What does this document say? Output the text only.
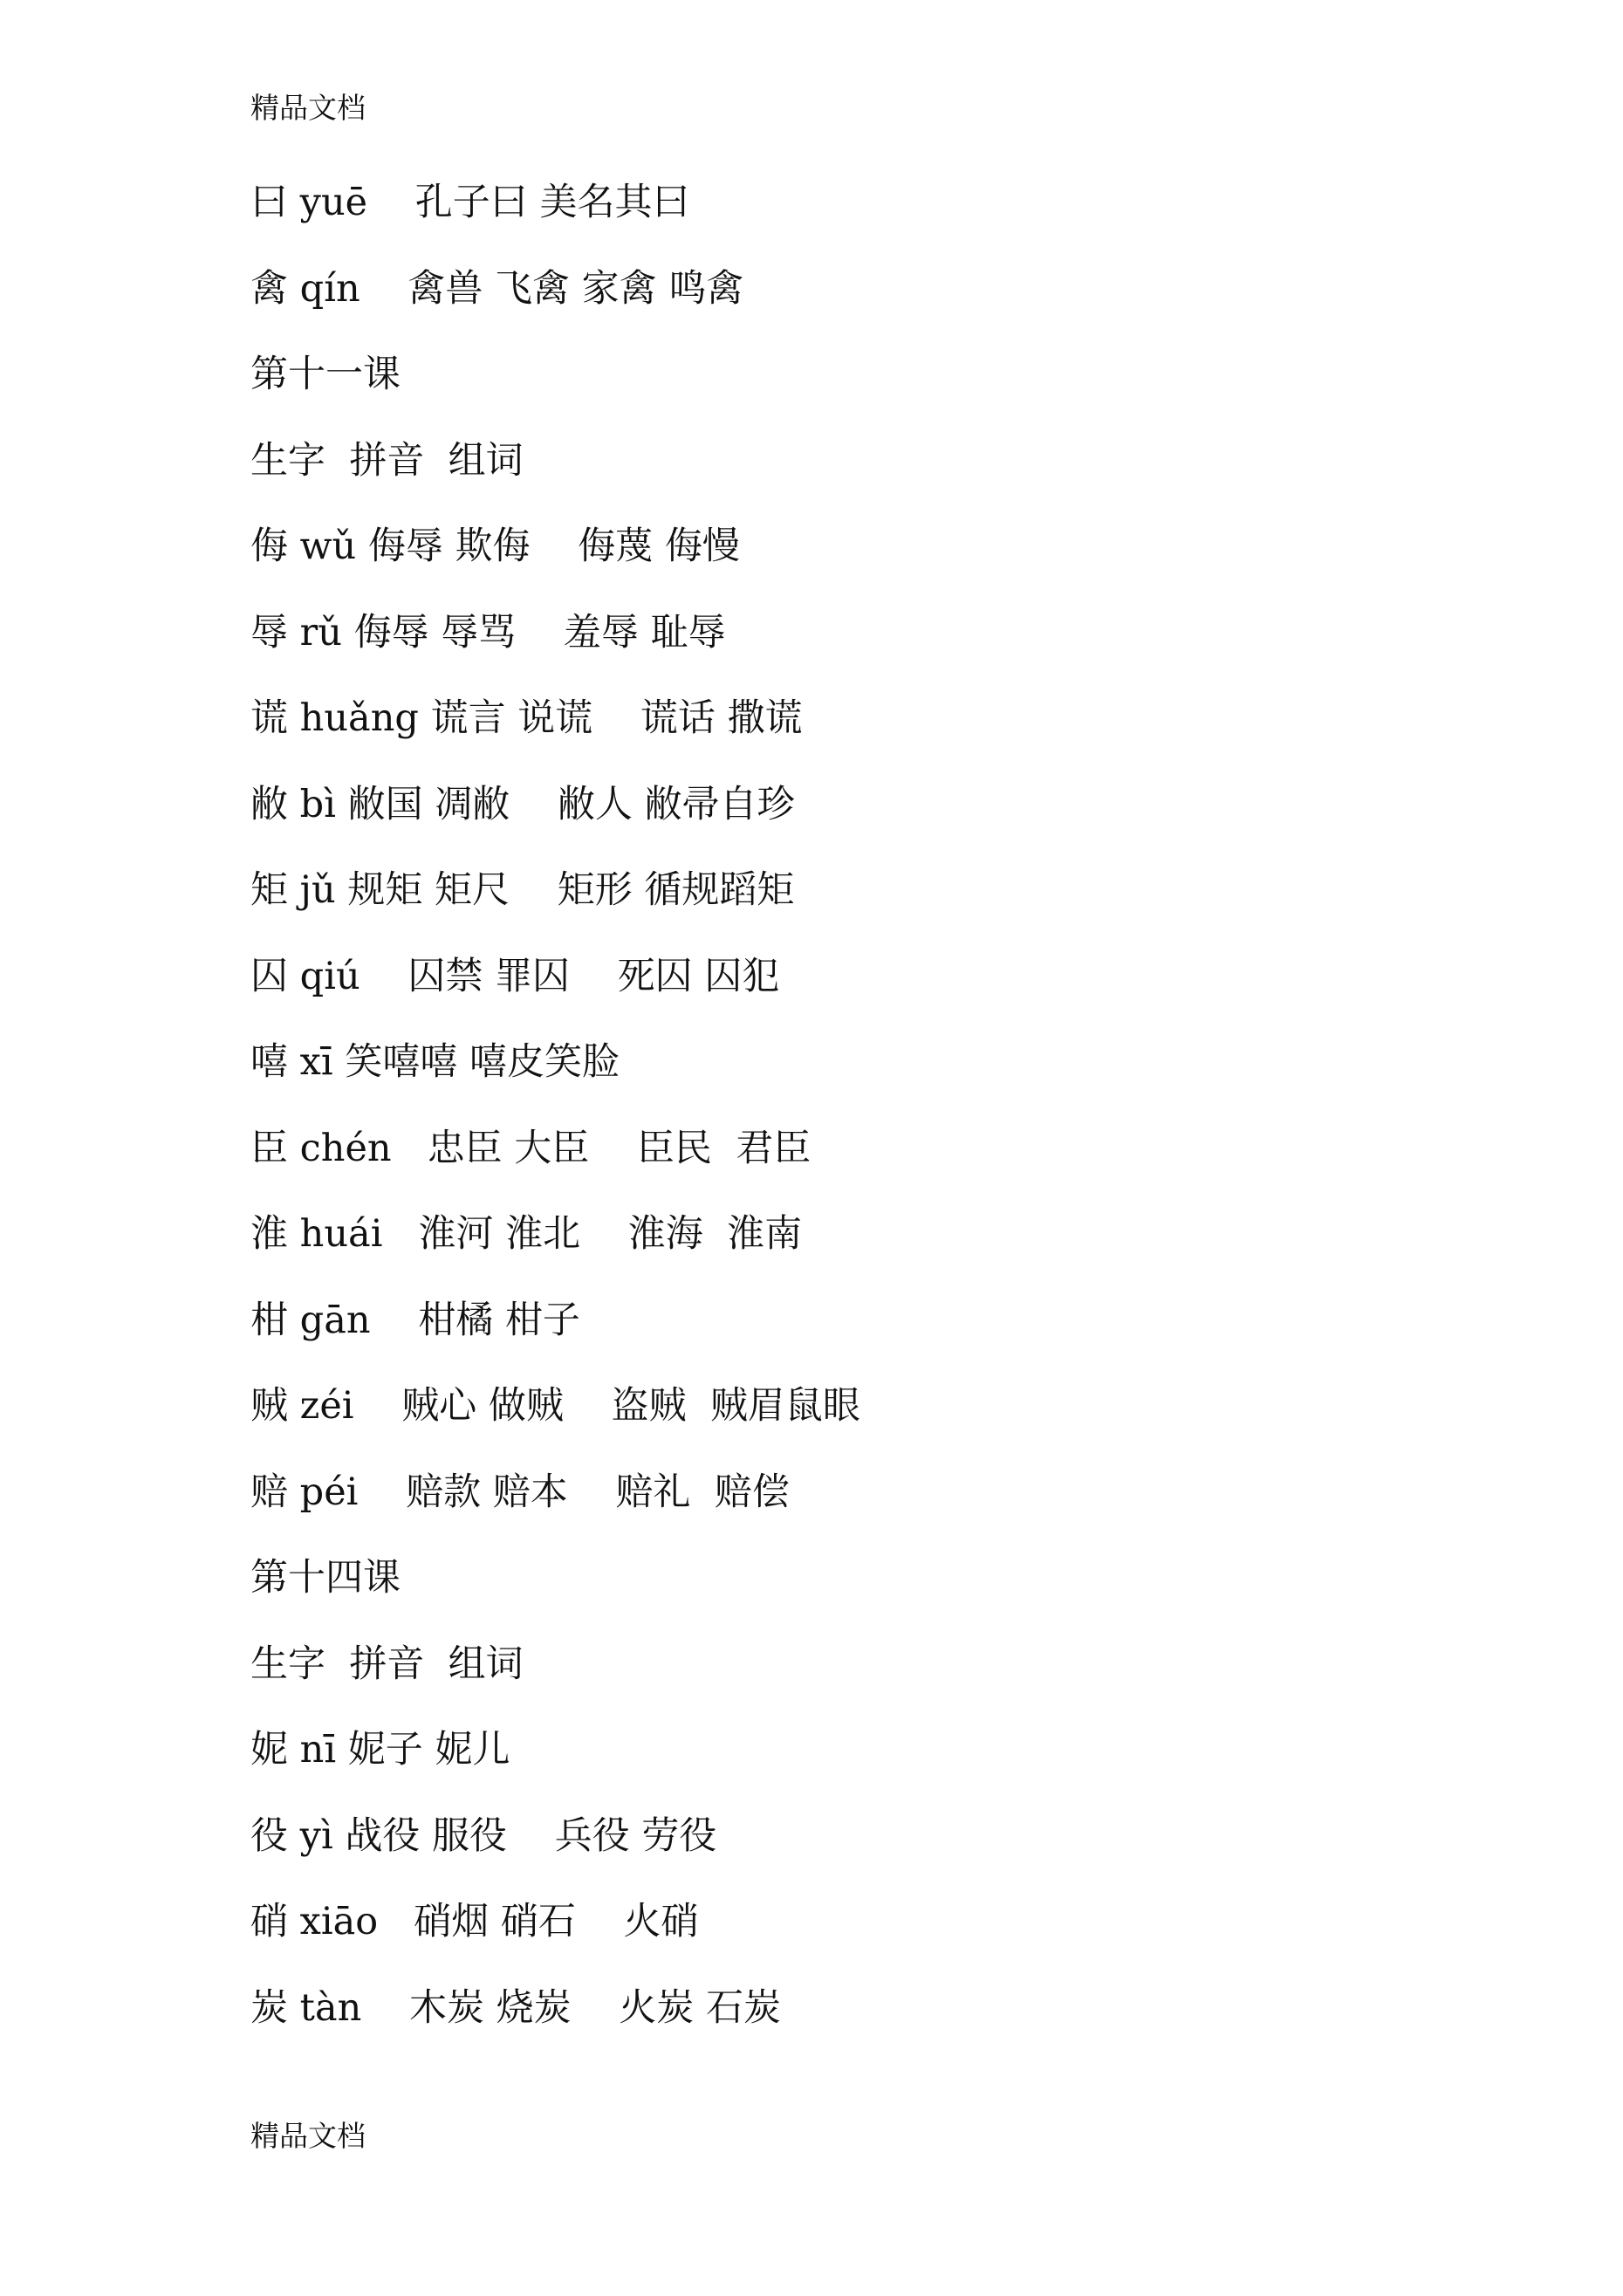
精品文档
曰 yuē    孔子曰 美名其曰
禽 qín    禽兽 飞禽 家禽 鸣禽
第十一课
生字  拼音  组词
侮 wǔ 侮辱 欺侮    侮蔑 侮慢
辱 rǔ 侮辱 辱骂    羞辱 耻辱
谎 huǎng 谎言 说谎    谎话 撒谎
敝 bì 敝国 凋敝    敝人 敝帚自珍
矩 jǔ 规矩 矩尺    矩形 循规蹈矩
囚 qiú    囚禁 罪囚    死囚 囚犯
嘻 xī 笑嘻嘻 嘻皮笑脸
臣 chén   忠臣 大臣    臣民  君臣
淮 huái   淮河 淮北    淮海  淮南
柑 gān    柑橘 柑子
贼 zéi    贼心 做贼    盗贼  贼眉鼠眼
赔 péi    赔款 赔本    赔礼  赔偿
第十四课
生字  拼音  组词
妮 nī 妮子 妮儿
役 yì 战役 服役    兵役 劳役
硝 xiāo   硝烟 硝石    火硝
炭 tàn    木炭 烧炭    火炭 石炭
精品文档
